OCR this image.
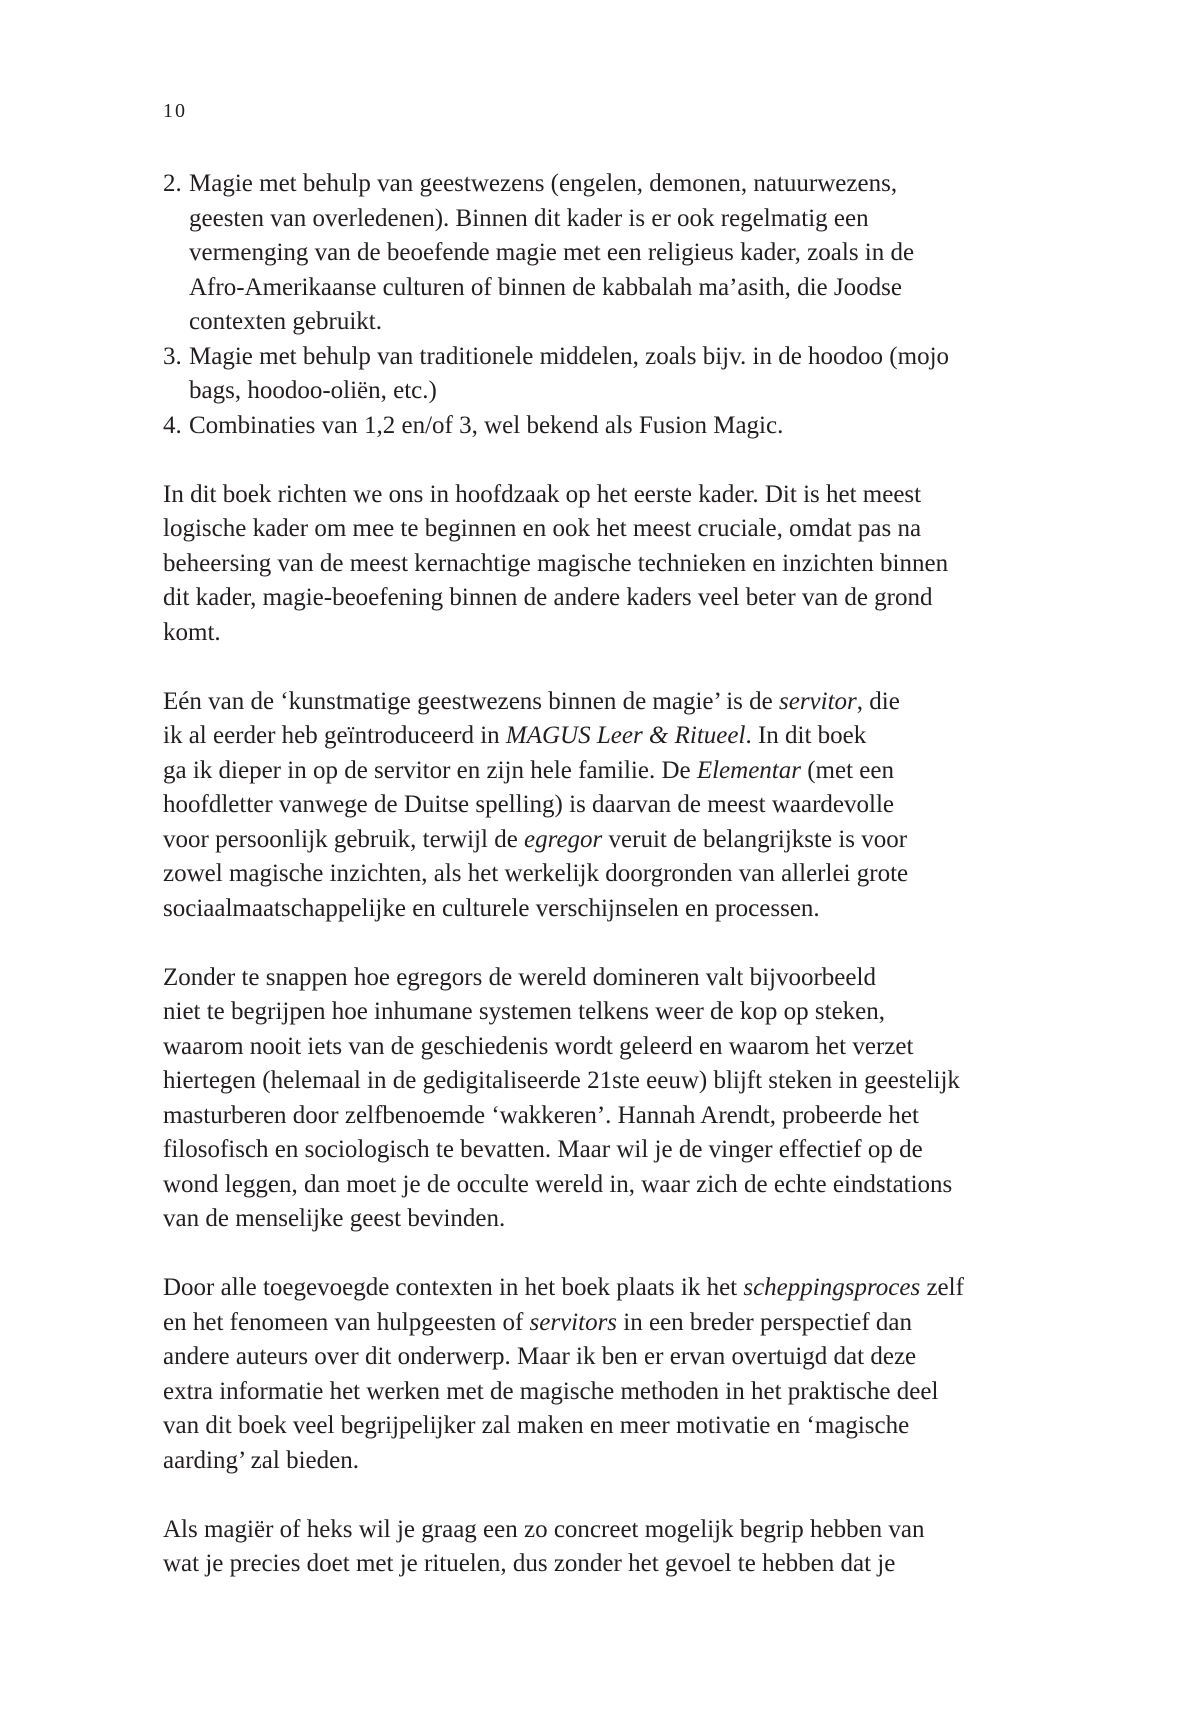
10
2. Magie met behulp van geestwezens (engelen, demonen, natuurwezens,
geesten van overledenen). Binnen dit kader is er ook regelmatig een
vermenging van de beoefende magie met een religieus kader, zoals in de
Afro-Amerikaanse culturen of binnen de kabbalah ma’asith, die Joodse
contexten gebruikt.
3. Magie met behulp van traditionele middelen, zoals bijv. in de hoodoo (mojo
bags, hoodoo-oliën, etc.)
4. Combinaties van 1,2 en/of 3, wel bekend als Fusion Magic.

In dit boek richten we ons in hoofdzaak op het eerste kader. Dit is het meest
logische kader om mee te beginnen en ook het meest cruciale, omdat pas na
beheersing van de meest kernachtige magische technieken en inzichten binnen
dit kader, magie-beoefening binnen de andere kaders veel beter van de grond
komt.

Eén van de ‘kunstmatige geestwezens binnen de magie’ is de servitor, die
ik al eerder heb geïntroduceerd in MAGUS Leer & Ritueel. In dit boek
ga ik dieper in op de servitor en zijn hele familie. De Elementar (met een
hoofdletter vanwege de Duitse spelling) is daarvan de meest waardevolle
voor persoonlijk gebruik, terwijl de egregor veruit de belangrijkste is voor
zowel magische inzichten, als het werkelijk doorgronden van allerlei grote
sociaalmaatschappelijke en culturele verschijnselen en processen.

Zonder te snappen hoe egregors de wereld domineren valt bijvoorbeeld
niet te begrijpen hoe inhumane systemen telkens weer de kop op steken,
waarom nooit iets van de geschiedenis wordt geleerd en waarom het verzet
hiertegen (helemaal in de gedigitaliseerde 21ste eeuw) blijft steken in geestelijk
masturberen door zelfbenoemde ‘wakkeren’. Hannah Arendt, probeerde het
filosofisch en sociologisch te bevatten. Maar wil je de vinger effectief op de
wond leggen, dan moet je de occulte wereld in, waar zich de echte eindstations
van de menselijke geest bevinden.

Door alle toegevoegde contexten in het boek plaats ik het scheppingsproces zelf
en het fenomeen van hulpgeesten of servitors in een breder perspectief dan
andere auteurs over dit onderwerp. Maar ik ben er ervan overtuigd dat deze
extra informatie het werken met de magische methoden in het praktische deel
van dit boek veel begrijpelijker zal maken en meer motivatie en ‘magische
aarding’ zal bieden.

Als magiër of heks wil je graag een zo concreet mogelijk begrip hebben van
wat je precies doet met je rituelen, dus zonder het gevoel te hebben dat je
